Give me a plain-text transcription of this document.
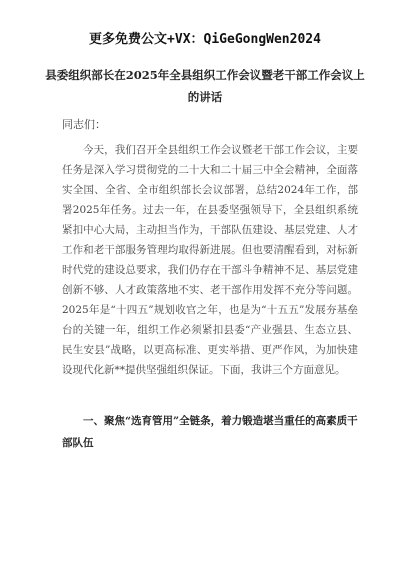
更多免费公文+VX：QiGeGongWen2024
县委组织部长在2025年全县组织工作会议暨老干部工作会议上的讲话
同志们：

今天，我们召开全县组织工作会议暨老干部工作会议，主要任务是深入学习贯彻党的二十大和二十届三中全会精神，全面落实全国、全省、全市组织部长会议部署，总结2024年工作，部署2025年任务。过去一年，在县委坚强领导下，全县组织系统紧扣中心大局，主动担当作为，干部队伍建设、基层党建、人才工作和老干部服务管理均取得新进展。但也要清醒看到，对标新时代党的建设总要求，我们仍存在干部斗争精神不足、基层党建创新不够、人才政策落地不实、老干部作用发挥不充分等问题。2025年是“十四五”规划收官之年，也是为“十五五”发展夯基垒台的关键一年，组织工作必须紧扣县委“产业强县、生态立县、民生安县”战略，以更高标准、更实举措、更严作风，为加快建设现代化新**提供坚强组织保证。下面，我讲三个方面意见。

一、聚焦“选育管用”全链条，着力锻造堪当重任的高素质干部队伍
